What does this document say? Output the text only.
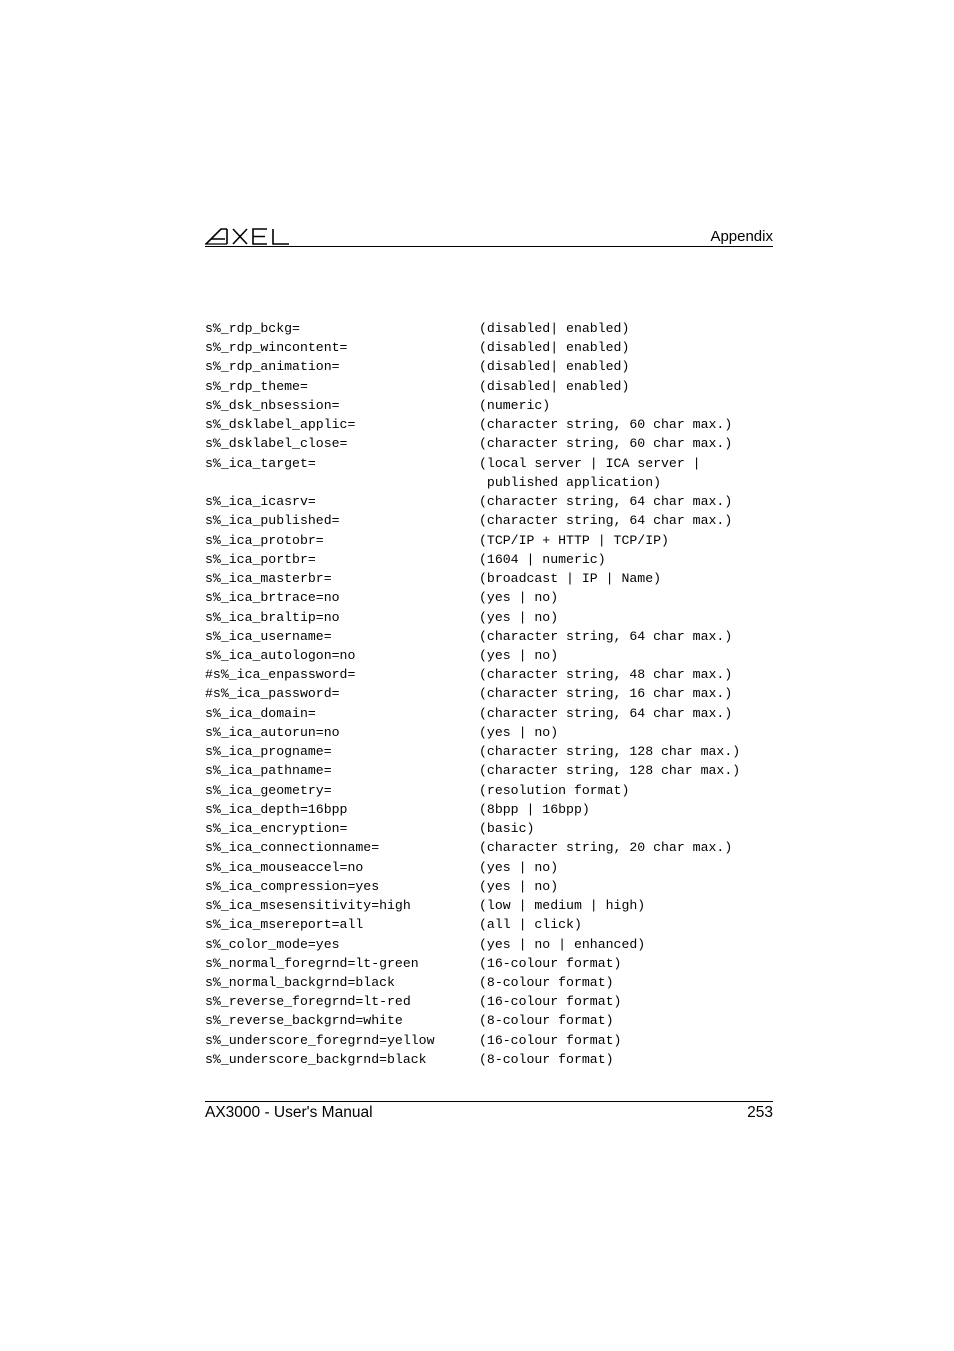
Appendix
s%_rdp_bckg=	(disabled| enabled)
s%_rdp_wincontent=	(disabled| enabled)
s%_rdp_animation=	(disabled| enabled)
s%_rdp_theme=	(disabled| enabled)
s%_dsk_nbsession=	(numeric)
s%_dsklabel_applic=	(character string, 60 char max.)
s%_dsklabel_close=	(character string, 60 char max.)
s%_ica_target=	(local server | ICA server |
published application)
s%_ica_icasrv=	(character string, 64 char max.)
s%_ica_published=	(character string, 64 char max.)
s%_ica_protobr=	(TCP/IP + HTTP | TCP/IP)
s%_ica_portbr=	(1604 | numeric)
s%_ica_masterbr=	(broadcast | IP | Name)
s%_ica_brtrace=no	(yes | no)
s%_ica_braltip=no	(yes | no)
s%_ica_username=	(character string, 64 char max.)
s%_ica_autologon=no	(yes | no)
#s%_ica_enpassword=	(character string, 48 char max.)
#s%_ica_password=	(character string, 16 char max.)
s%_ica_domain=	(character string, 64 char max.)
s%_ica_autorun=no	(yes | no)
s%_ica_progname=	(character string, 128 char max.)
s%_ica_pathname=	(character string, 128 char max.)
s%_ica_geometry=	(resolution format)
s%_ica_depth=16bpp	(8bpp | 16bpp)
s%_ica_encryption=	(basic)
s%_ica_connectionname=	(character string, 20 char max.)
s%_ica_mouseaccel=no	(yes | no)
s%_ica_compression=yes	(yes | no)
s%_ica_msesensitivity=high	(low | medium | high)
s%_ica_msereport=all	(all | click)
s%_color_mode=yes	(yes | no | enhanced)
s%_normal_foregrnd=lt-green	(16-colour format)
s%_normal_backgrnd=black	(8-colour format)
s%_reverse_foregrnd=lt-red	(16-colour format)
s%_reverse_backgrnd=white	(8-colour format)
s%_underscore_foregrnd=yellow	(16-colour format)
s%_underscore_backgrnd=black	(8-colour format)
AX3000 - User's Manual	253
